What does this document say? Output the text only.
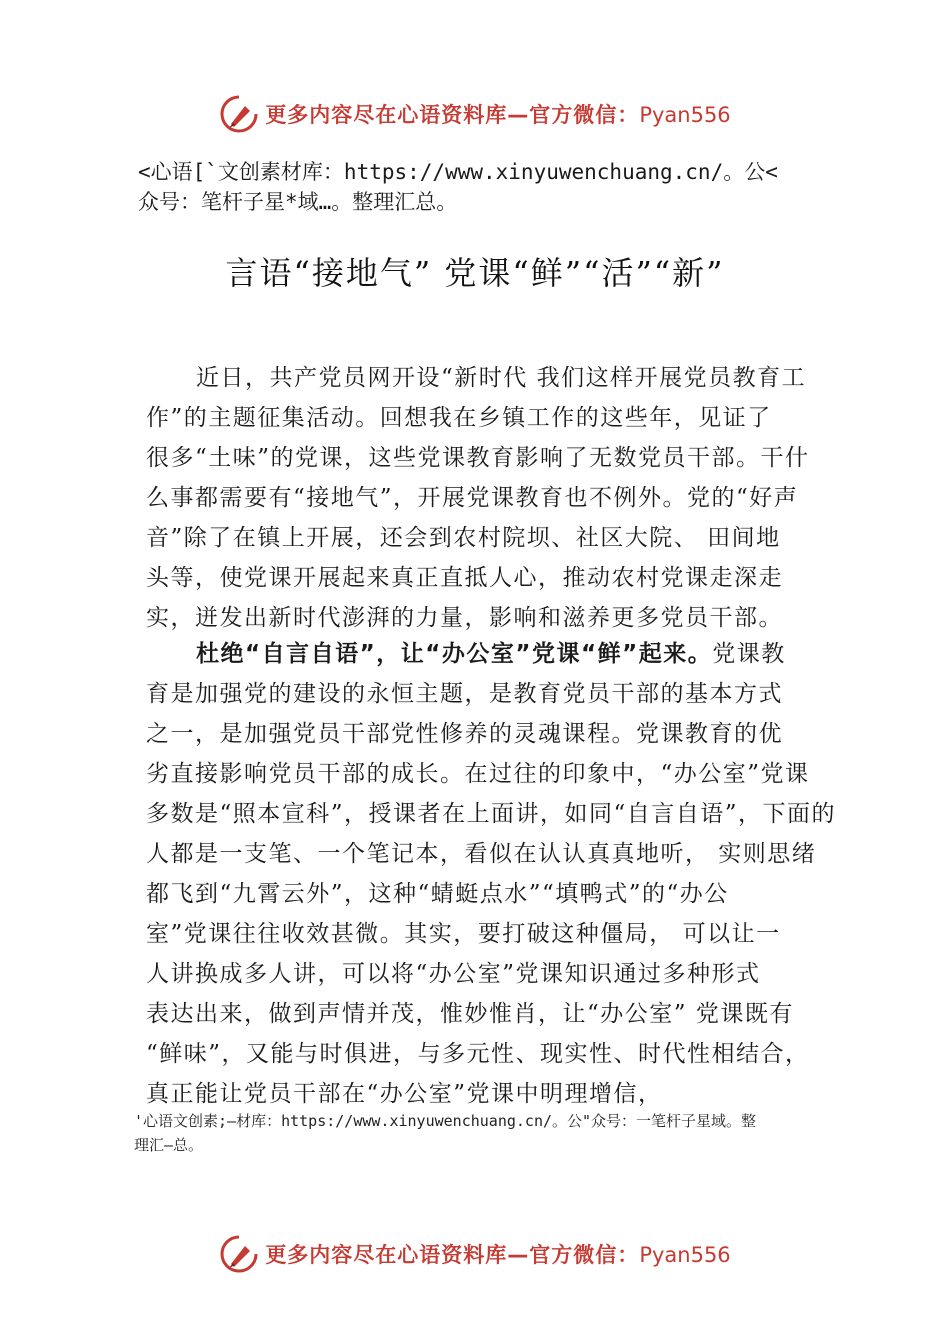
更多内容尽在心语资料库—官方微信：Pyan556
<心语[`文创素材库：https://www.xinyuwenchuang.cn/。公<
众号：笔杆子星*域…。整理汇总。
言语“接地气” 党课“鲜”“活”“新”
近日，共产党员网开设“新时代 我们这样开展党员教育工
作”的主题征集活动。回想我在乡镇工作的这些年，见证了
很多“土味”的党课，这些党课教育影响了无数党员干部。干什
么事都需要有“接地气”，开展党课教育也不例外。党的“好声
音”除了在镇上开展，还会到农村院坝、社区大院、 田间地
头等，使党课开展起来真正直抵人心，推动农村党课走深走
实，迸发出新时代澎湃的力量，影响和滋养更多党员干部。
杜绝“自言自语”，让“办公室”党课“鲜”起来。党课教
育是加强党的建设的永恒主题，是教育党员干部的基本方式
之一，是加强党员干部党性修养的灵魂课程。党课教育的优
劣直接影响党员干部的成长。在过往的印象中，“办公室”党课
多数是“照本宣科”，授课者在上面讲，如同“自言自语”，下面的
人都是一支笔、一个笔记本，看似在认认真真地听， 实则思绪
都飞到“九霄云外”，这种“蜻蜓点水”“填鸭式”的“办公
室”党课往往收效甚微。其实，要打破这种僵局， 可以让一
人讲换成多人讲，可以将“办公室”党课知识通过多种形式
表达出来，做到声情并茂，惟妙惟肖，让“办公室” 党课既有
“鲜味”，又能与时俱进，与多元性、现实性、时代性相结合，
真正能让党员干部在“办公室”党课中明理增信，
'心语文创素;—材库：https://www.xinyuwenchuang.cn/。公"众号：一笔杆子星域。整
理汇—总。
更多内容尽在心语资料库—官方微信：Pyan556
